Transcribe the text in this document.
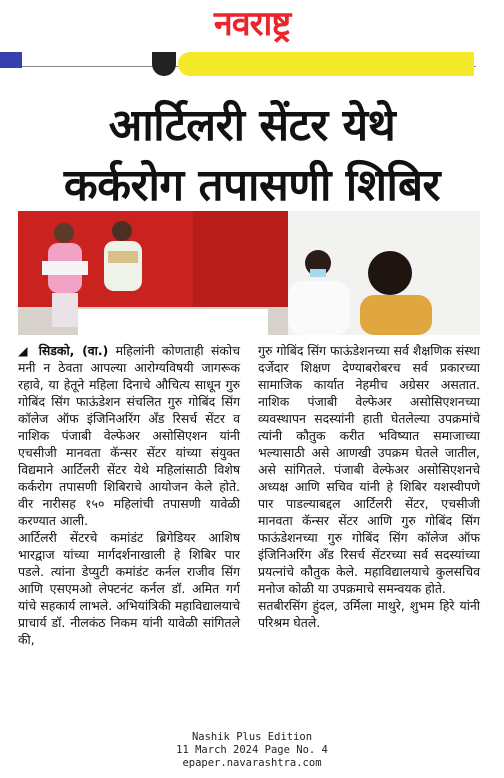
नवराष्ट्र
आर्टिलरी सेंटर येथे
कर्करोग तपासणी शिबिर

◢ सिडको, (वा.) महिलांनी कोणताही संकोच मनी न ठेवता आपल्या आरोग्यविषयी जागरूक रहावे, या हेतूने महिला दिनाचे औचित्य साधून गुरु गोबिंद सिंग फाऊंडेशन संचलित गुरु गोबिंद सिंग कॉलेज ऑफ इंजिनिअरिंग अँड रिसर्च सेंटर व नाशिक पंजाबी वेल्फेअर असोसिएशन यांनी एचसीजी मानवता कॅन्सर सेंटर यांच्या संयुक्त विद्यमाने आर्टिलरी सेंटर येथे महिलांसाठी विशेष कर्करोग तपासणी शिबिराचे आयोजन केले होते. वीर नारीसह १५० महिलांची तपासणी यावेळी करण्यात आली.

आर्टिलरी सेंटरचे कमांडंट ब्रिगेडियर आशिष भारद्वाज यांच्या मार्गदर्शनाखाली हे शिबिर पार पडले. त्यांना डेप्युटी कमांडंट कर्नल राजीव सिंग आणि एसएमओ लेफ्टनंट कर्नल डॉ. अमित गर्ग यांचे सहकार्य लाभले. अभियांत्रिकी महाविद्यालयाचे प्राचार्य डॉ. नीलकंठ निकम यांनी यावेळी सांगितले की,

गुरु गोबिंद सिंग फाऊंडेशनच्या सर्व शैक्षणिक संस्था दर्जेदार शिक्षण देण्याबरोबरच सर्व प्रकारच्या सामाजिक कार्यात नेहमीच अग्रेसर असतात. नाशिक पंजाबी वेल्फेअर असोसिएशनच्या व्यवस्थापन सदस्यांनी हाती घेतलेल्या उपक्रमांचे त्यांनी कौतुक करीत भविष्यात समाजाच्या भल्यासाठी असे आणखी उपक्रम घेतले जातील, असे सांगितले. पंजाबी वेल्फेअर असोसिएशनचे अध्यक्ष आणि सचिव यांनी हे शिबिर यशस्वीपणे पार पाडल्याबद्दल आर्टिलरी सेंटर, एचसीजी मानवता कॅन्सर सेंटर आणि गुरु गोबिंद सिंग फाऊंडेशनच्या गुरु गोबिंद सिंग कॉलेज ऑफ इंजिनिअरिंग अँड रिसर्च सेंटरच्या सर्व सदस्यांच्या प्रयत्नांचे कौतुक केले. महाविद्यालयाचे कुलसचिव मनोज कोळी या उपक्रमाचे समन्वयक होते.

सतबीरसिंग हुंदल, उर्मिला माथुरे, शुभम हिरे यांनी परिश्रम घेतले.

Nashik Plus Edition
11 March 2024 Page No. 4
epaper.navarashtra.com
